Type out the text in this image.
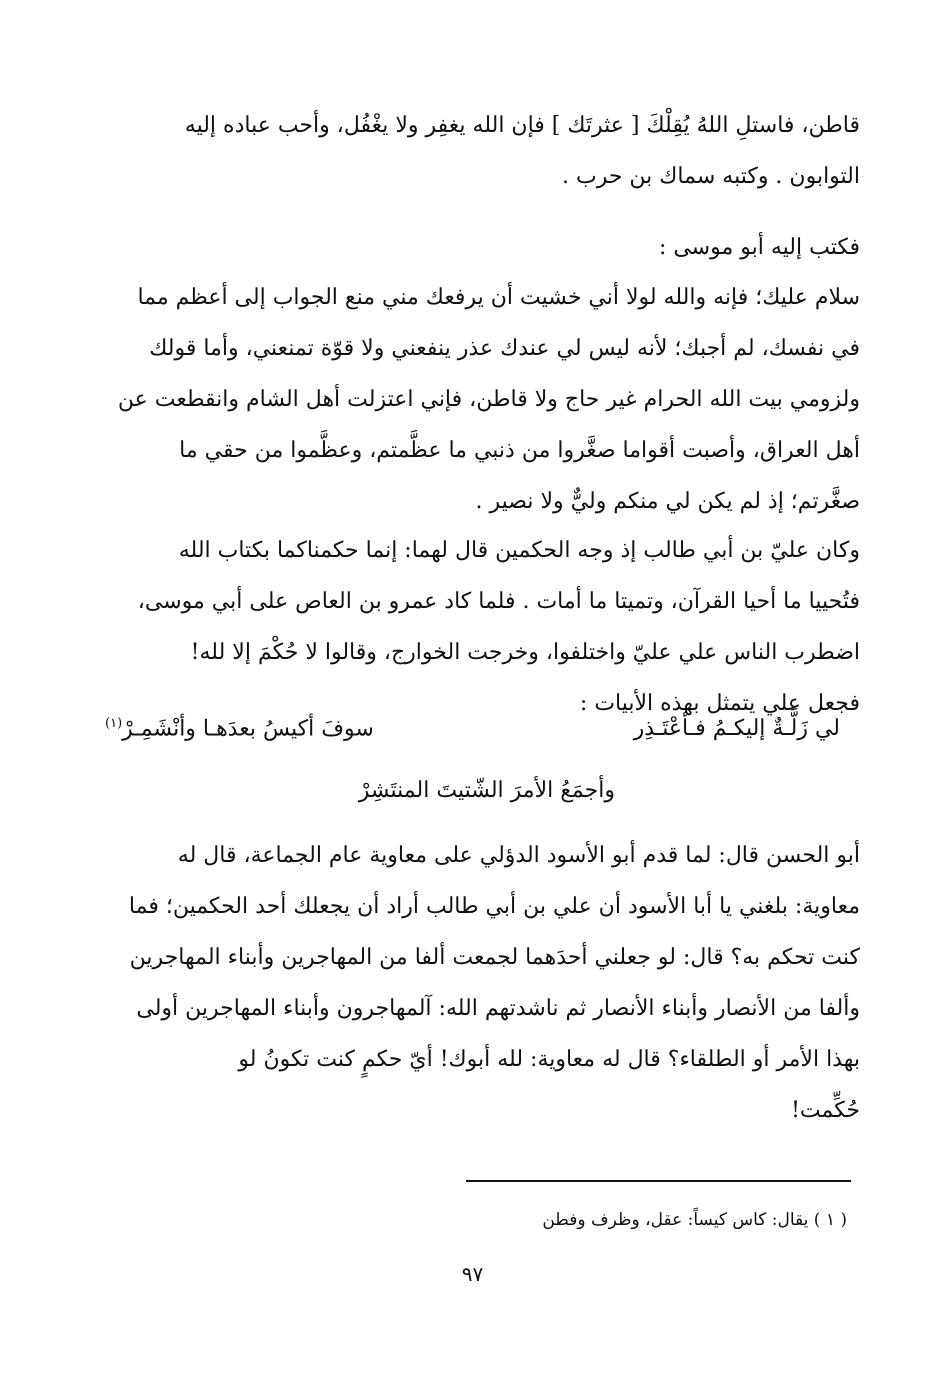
قاطن، فاستلِ اللهُ يُقِلْكَ [ عثرتَك ] فإن الله يغفِر ولا يغْفُل، وأحب عباده إليه
التوابون . وكتبه سماك بن حرب .
فكتب إليه أبو موسى :
سلام عليك؛ فإنه والله لولا أني خشيت أن يرفعك مني منع الجواب إلى أعظم مما
في نفسك، لم أجبك؛ لأنه ليس لي عندك عذر ينفعني ولا قوّة تمنعني، وأما قولك
ولزومي بيت الله الحرام غير حاج ولا قاطن، فإني اعتزلت أهل الشام وانقطعت عن
أهل العراق، وأصبت أقواما صغَّروا من ذنبي ما عظَّمتم، وعظَّموا من حقي ما
صغَّرتم؛ إذ لم يكن لي منكم وليٌّ ولا نصير .
وكان عليّ بن أبي طالب إذ وجه الحكمين قال لهما: إنما حكمناكما بكتاب الله
فتُحييا ما أحيا القرآن، وتميتا ما أمات . فلما كاد عمرو بن العاص على أبي موسى،
اضطرب الناس علي عليّ واختلفوا، وخرجت الخوارج، وقالوا لا حُكْمَ إلا لله!
فجعل علي يتمثل بهذه الأبيات :
لي زَلَّـةٌ إليكـمُ فـأعْتَـذِر
سوفَ أكيسُ بعدَهـا وأنْشَمِـرْ$^{(١)}$
وأجمَعُ الأمرَ الشّتيتَ المنتَشِرْ
أبو الحسن قال: لما قدم أبو الأسود الدؤلي على معاوية عام الجماعة، قال له
معاوية: بلغني يا أبا الأسود أن علي بن أبي طالب أراد أن يجعلك أحد الحكمين؛ فما
كنت تحكم به؟ قال: لو جعلني أحدَهما لجمعت ألفا من المهاجرين وأبناء المهاجرين
وألفا من الأنصار وأبناء الأنصار ثم ناشدتهم الله: آلمهاجرون وأبناء المهاجرين أولى
بهذا الأمر أو الطلقاء؟ قال له معاوية: لله أبوك! أيّ حكمٍ كنت تكونُ لو
حُكِّمت!
( ١ ) يقال: كاس كيساً: عقل، وظرف وفطن
٩٧
